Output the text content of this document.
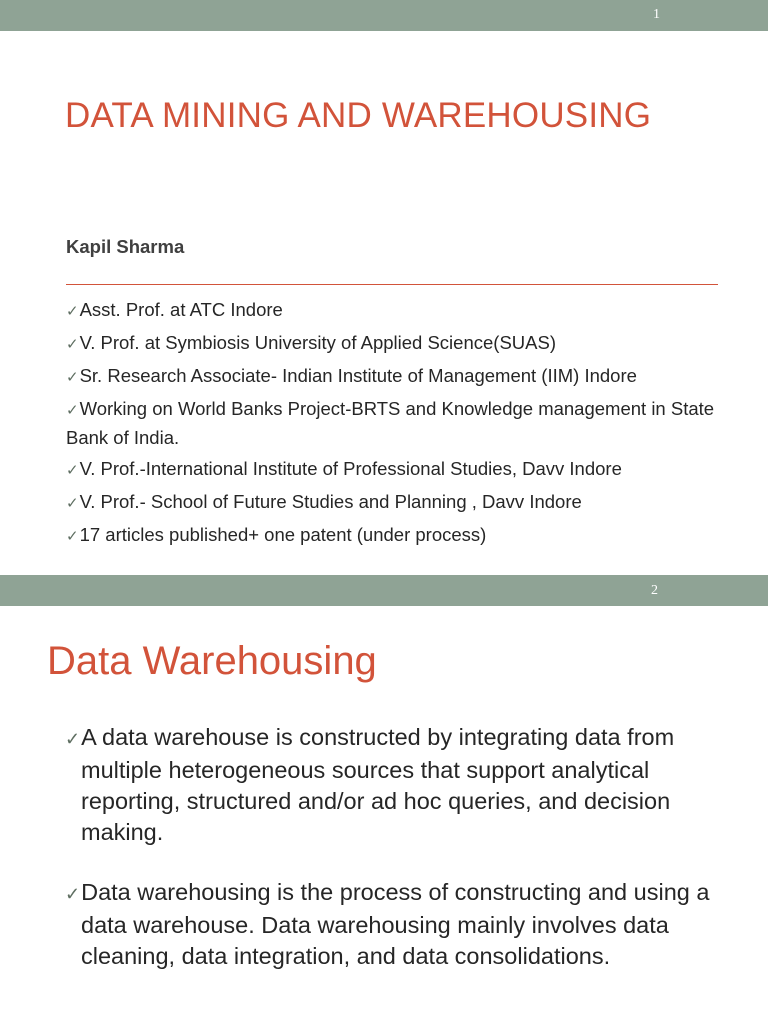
1
DATA MINING AND WAREHOUSING
Kapil Sharma
✓Asst. Prof. at ATC Indore
✓V. Prof. at Symbiosis University of Applied Science(SUAS)
✓Sr. Research Associate- Indian Institute of Management (IIM) Indore
✓Working on World Banks Project-BRTS and Knowledge management in State Bank of India.
✓V. Prof.-International Institute of Professional Studies, Davv Indore
✓V. Prof.- School of Future Studies and Planning , Davv Indore
✓17 articles published+ one patent (under process)
2
Data Warehousing
✓A data warehouse is constructed by integrating data from multiple heterogeneous sources that support analytical reporting, structured and/or ad hoc queries, and decision making.
✓Data warehousing is the process of constructing and using a data warehouse. Data warehousing mainly involves data cleaning, data integration, and data consolidations.
